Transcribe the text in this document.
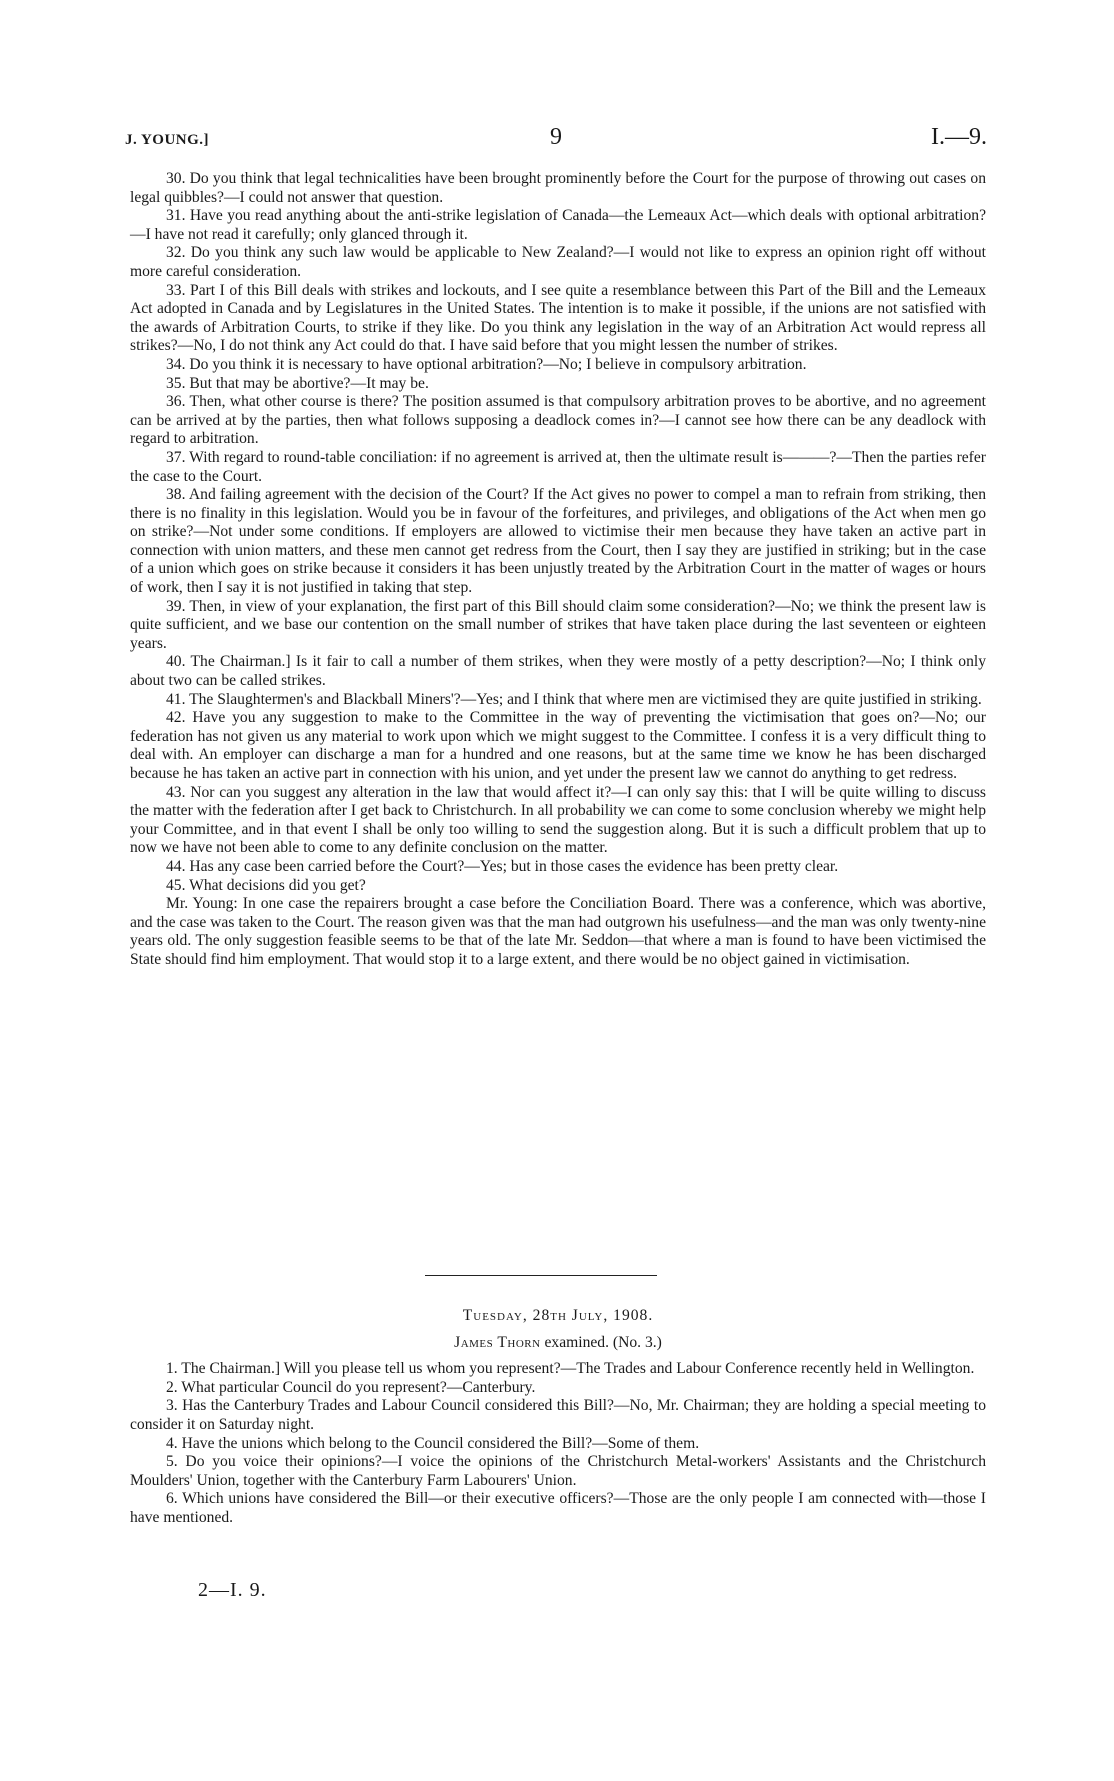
J. YOUNG.]	9	I.—9.

30. Do you think that legal technicalities have been brought prominently before the Court for the purpose of throwing out cases on legal quibbles?—I could not answer that question.

31. Have you read anything about the anti-strike legislation of Canada—the Lemeaux Act—which deals with optional arbitration?—I have not read it carefully; only glanced through it.

32. Do you think any such law would be applicable to New Zealand?—I would not like to express an opinion right off without more careful consideration.

33. Part I of this Bill deals with strikes and lockouts, and I see quite a resemblance between this Part of the Bill and the Lemeaux Act adopted in Canada and by Legislatures in the United States. The intention is to make it possible, if the unions are not satisfied with the awards of Arbitration Courts, to strike if they like. Do you think any legislation in the way of an Arbitration Act would repress all strikes?—No, I do not think any Act could do that. I have said before that you might lessen the number of strikes.

34. Do you think it is necessary to have optional arbitration?—No; I believe in compulsory arbitration.

35. But that may be abortive?—It may be.

36. Then, what other course is there? The position assumed is that compulsory arbitration proves to be abortive, and no agreement can be arrived at by the parties, then what follows supposing a deadlock comes in?—I cannot see how there can be any deadlock with regard to arbitration.

37. With regard to round-table conciliation: if no agreement is arrived at, then the ultimate result is———?—Then the parties refer the case to the Court.

38. And failing agreement with the decision of the Court? If the Act gives no power to compel a man to refrain from striking, then there is no finality in this legislation. Would you be in favour of the forfeitures, and privileges, and obligations of the Act when men go on strike?—Not under some conditions. If employers are allowed to victimise their men because they have taken an active part in connection with union matters, and these men cannot get redress from the Court, then I say they are justified in striking; but in the case of a union which goes on strike because it considers it has been unjustly treated by the Arbitration Court in the matter of wages or hours of work, then I say it is not justified in taking that step.

39. Then, in view of your explanation, the first part of this Bill should claim some consideration?—No; we think the present law is quite sufficient, and we base our contention on the small number of strikes that have taken place during the last seventeen or eighteen years.

40. The Chairman.] Is it fair to call a number of them strikes, when they were mostly of a petty description?—No; I think only about two can be called strikes.

41. The Slaughtermen's and Blackball Miners'?—Yes; and I think that where men are victimised they are quite justified in striking.

42. Have you any suggestion to make to the Committee in the way of preventing the victimisation that goes on?—No; our federation has not given us any material to work upon which we might suggest to the Committee. I confess it is a very difficult thing to deal with. An employer can discharge a man for a hundred and one reasons, but at the same time we know he has been discharged because he has taken an active part in connection with his union, and yet under the present law we cannot do anything to get redress.

43. Nor can you suggest any alteration in the law that would affect it?—I can only say this: that I will be quite willing to discuss the matter with the federation after I get back to Christchurch. In all probability we can come to some conclusion whereby we might help your Committee, and in that event I shall be only too willing to send the suggestion along. But it is such a difficult problem that up to now we have not been able to come to any definite conclusion on the matter.

44. Has any case been carried before the Court?—Yes; but in those cases the evidence has been pretty clear.

45. What decisions did you get?

Mr. Young: In one case the repairers brought a case before the Conciliation Board. There was a conference, which was abortive, and the case was taken to the Court. The reason given was that the man had outgrown his usefulness—and the man was only twenty-nine years old. The only suggestion feasible seems to be that of the late Mr. Seddon—that where a man is found to have been victimised the State should find him employment. That would stop it to a large extent, and there would be no object gained in victimisation.

Tuesday, 28th July, 1908.

James Thorn examined. (No. 3.)

1. The Chairman.] Will you please tell us whom you represent?—The Trades and Labour Conference recently held in Wellington.

2. What particular Council do you represent?—Canterbury.

3. Has the Canterbury Trades and Labour Council considered this Bill?—No, Mr. Chairman; they are holding a special meeting to consider it on Saturday night.

4. Have the unions which belong to the Council considered the Bill?—Some of them.

5. Do you voice their opinions?—I voice the opinions of the Christchurch Metal-workers' Assistants and the Christchurch Moulders' Union, together with the Canterbury Farm Labourers' Union.

6. Which unions have considered the Bill—or their executive officers?—Those are the only people I am connected with—those I have mentioned.

2—I. 9.
